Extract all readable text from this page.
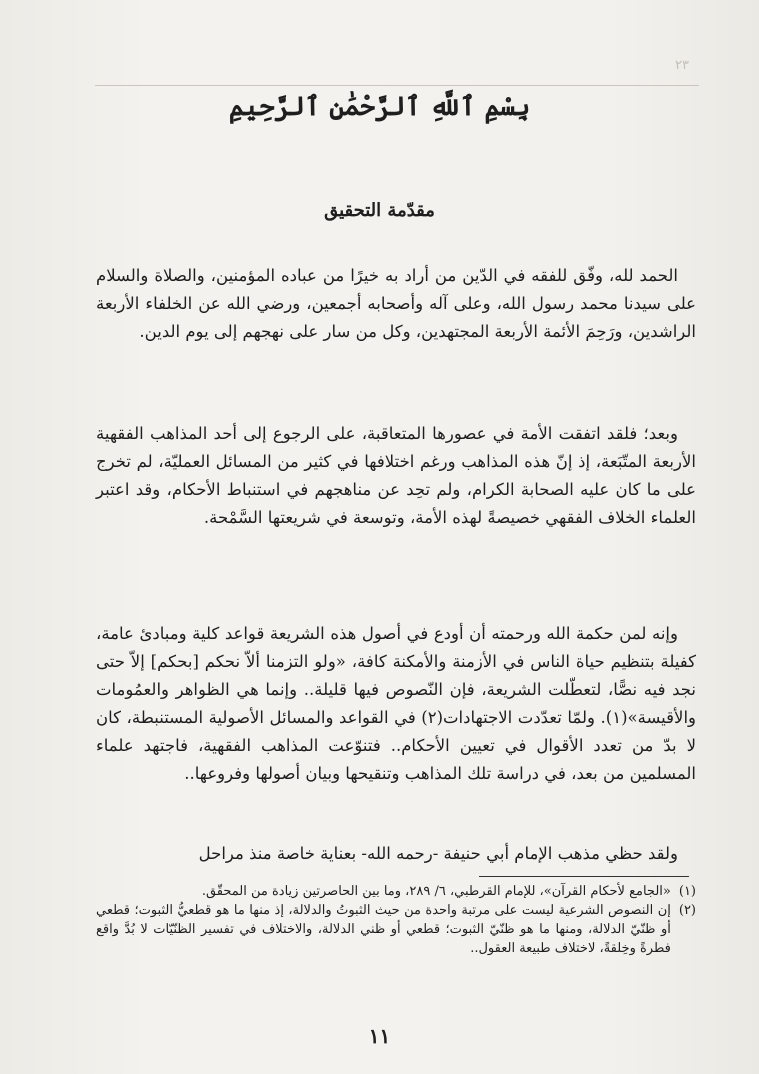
٢٣
بِسْمِ ٱللَّهِ ٱلرَّحْمَٰنِ ٱلرَّحِيمِ
مقدّمة التحقيق

الحمد لله، وفّق للفقه في الدّين من أراد به خيرًا من عباده المؤمنين، والصلاة والسلام على سيدنا محمد رسول الله، وعلى آله وأصحابه أجمعين، ورضي الله عن الخلفاء الأربعة الراشدين، ورَحِمَ الأئمة الأربعة المجتهدين، وكل من سار على نهجهم إلى يوم الدين.

وبعد؛ فلقد اتفقت الأمة في عصورها المتعاقبة، على الرجوع إلى أحد المذاهب الفقهية الأربعة المتّبَعة، إذ إنّ هذه المذاهب ورغم اختلافها في كثير من المسائل العمليّة، لم تخرج على ما كان عليه الصحابة الكرام، ولم تحِد عن مناهجهم في استنباط الأحكام، وقد اعتبر العلماء الخلاف الفقهي خصيصةً لهذه الأمة، وتوسعة في شريعتها السَّمْحة.

وإنه لمن حكمة الله ورحمته أن أودع في أصول هذه الشريعة قواعد كلية ومبادئ عامة، كفيلة بتنظيم حياة الناس في الأزمنة والأمكنة كافة، «ولو التزمنا ألاّ نحكم [بحكم] إلاّ حتى نجد فيه نصًّا، لتعطّلت الشريعة، فإن النّصوص فيها قليلة.. وإنما هي الظواهر والعمُومات والأقيسة»(١). ولمّا تعدّدت الاجتهادات(٢) في القواعد والمسائل الأصولية المستنبطة، كان لا بدّ من تعدد الأقوال في تعيين الأحكام.. فتنوّعت المذاهب الفقهية، فاجتهد علماء المسلمين من بعد، في دراسة تلك المذاهب وتنقيحها وبيان أصولها وفروعها..

ولقد حظي مذهب الإمام أبي حنيفة -رحمه الله- بعناية خاصة منذ مراحل

(١)
«الجامع لأحكام القرآن»، للإمام القرطبي، ٦/ ٢٨٩، وما بين الحاصرتين زيادة من المحقّق.
(٢)
إن النصوص الشرعية ليست على مرتبة واحدة من حيث الثبوتُ والدلالة، إذ منها ما هو قطعيُّ الثبوت؛ قطعي أو ظنّيّ الدلالة، ومنها ما هو ظنّيّ الثبوت؛ قطعي أو ظني الدلالة، والاختلاف في تفسير الظنّيّات لا بُدَّ واقع فطرةً وخِلقةً، لاختلاف طبيعة العقول..
١١
